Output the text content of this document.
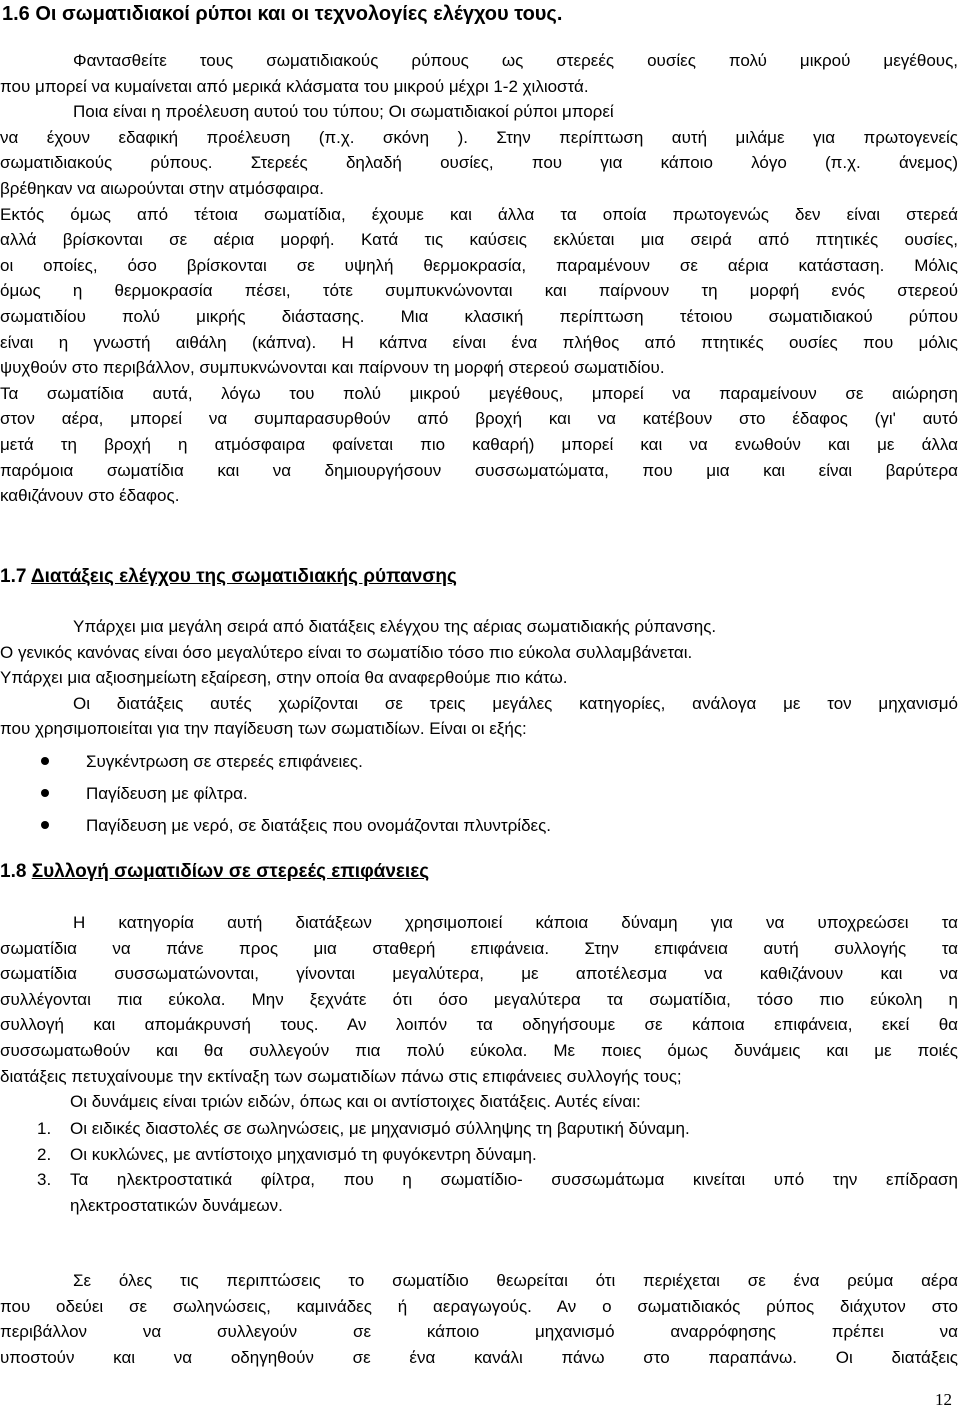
1.6 Οι σωματιδιακοί ρύποι και οι τεχνολογίες ελέγχου τους.
Φαντασθείτε τους σωματιδιακούς ρύπους ως στερεές ουσίες πολύ μικρού μεγέθους,
που μπορεί να κυμαίνεται από μερικά κλάσματα του μικρού μέχρι 1-2 χιλιοστά.
Ποια είναι η προέλευση αυτού του τύπου; Οι σωματιδιακοί ρύποι μπορεί
να έχουν εδαφική προέλευση (π.χ. σκόνη ). Στην περίπτωση αυτή μιλάμε για πρωτογενείς
σωματιδιακούς ρύπους. Στερεές δηλαδή ουσίες, που για κάποιο λόγο (π.χ. άνεμος)
βρέθηκαν να αιωρούνται στην ατμόσφαιρα.
Εκτός όμως από τέτοια σωματίδια, έχουμε και άλλα τα οποία πρωτογενώς δεν είναι στερεά
αλλά βρίσκονται σε αέρια μορφή. Κατά τις καύσεις εκλύεται μια σειρά από πτητικές ουσίες,
οι οποίες, όσο βρίσκονται σε υψηλή θερμοκρασία, παραμένουν σε αέρια κατάσταση. Μόλις
όμως η θερμοκρασία πέσει, τότε συμπυκνώνονται και παίρνουν τη μορφή ενός στερεού
σωματιδίου πολύ μικρής διάστασης. Μια κλασική περίπτωση τέτοιου σωματιδιακού ρύπου
είναι η γνωστή αιθάλη (κάπνα). Η κάπνα είναι ένα πλήθος από πτητικές ουσίες που μόλις
ψυχθούν στο περιβάλλον, συμπυκνώνονται και παίρνουν τη μορφή στερεού σωματιδίου.
Τα σωματίδια αυτά, λόγω του πολύ μικρού μεγέθους, μπορεί να παραμείνουν σε αιώρηση
στον αέρα, μπορεί να συμπαρασυρθούν από βροχή και να κατέβουν στο έδαφος (γι' αυτό
μετά τη βροχή η ατμόσφαιρα φαίνεται πιο καθαρή) μπορεί και να ενωθούν και με άλλα
παρόμοια σωματίδια και να δημιουργήσουν συσσωματώματα, που μια και είναι βαρύτερα
καθιζάνουν στο έδαφος.
1.7 Διατάξεις ελέγχου της σωματιδιακής ρύπανσης
Υπάρχει μια μεγάλη σειρά από διατάξεις ελέγχου της αέριας σωματιδιακής ρύπανσης.
Ο γενικός κανόνας είναι όσο μεγαλύτερο είναι το σωματίδιο τόσο πιο εύκολα συλλαμβάνεται.
Υπάρχει μια αξιοσημείωτη εξαίρεση, στην οποία θα αναφερθούμε πιο κάτω.
Οι διατάξεις αυτές χωρίζονται σε τρεις μεγάλες κατηγορίες, ανάλογα με τον μηχανισμό
που χρησιμοποιείται για την παγίδευση των σωματιδίων. Είναι οι εξής:
Συγκέντρωση σε στερεές επιφάνειες.
Παγίδευση με φίλτρα.
Παγίδευση με νερό, σε διατάξεις που ονομάζονται πλυντρίδες.
1.8 Συλλογή σωματιδίων σε στερεές επιφάνειες
Η κατηγορία αυτή διατάξεων χρησιμοποιεί κάποια δύναμη για να υποχρεώσει τα
σωματίδια να πάνε προς μια σταθερή επιφάνεια. Στην επιφάνεια αυτή συλλογής τα
σωματίδια συσσωματώνονται, γίνονται μεγαλύτερα, με αποτέλεσμα να καθιζάνουν και να
συλλέγονται πια εύκολα. Μην ξεχνάτε ότι όσο μεγαλύτερα τα σωματίδια, τόσο πιο εύκολη η
συλλογή και απομάκρυνσή τους. Αν λοιπόν τα οδηγήσουμε σε κάποια επιφάνεια, εκεί θα
συσσωματωθούν και θα συλλεγούν πια πολύ εύκολα. Με ποιες όμως δυνάμεις και με ποιές
διατάξεις πετυχαίνουμε την εκτίναξη των σωματιδίων πάνω στις επιφάνειες συλλογής τους;
Οι δυνάμεις είναι τριών ειδών, όπως και οι αντίστοιχες διατάξεις. Αυτές είναι:
1. Οι ειδικές διαστολές σε σωληνώσεις, με μηχανισμό σύλληψης τη βαρυτική δύναμη.
2. Οι κυκλώνες, με αντίστοιχο μηχανισμό τη φυγόκεντρη δύναμη.
3. Τα ηλεκτροστατικά φίλτρα, που η σωματίδιο- συσσωμάτωμα κινείται υπό την επίδραση
ηλεκτροστατικών δυνάμεων.
Σε όλες τις περιπτώσεις το σωματίδιο θεωρείται ότι περιέχεται σε ένα ρεύμα αέρα
που οδεύει σε σωληνώσεις, καμινάδες ή αεραγωγούς. Αν ο σωματιδιακός ρύπος διάχυτον στο
περιβάλλον να συλλεγούν σε κάποιο μηχανισμό αναρρόφησης πρέπει να
υποστούν και να οδηγηθούν σε ένα κανάλι πάνω στο παραπάνω. Οι διατάξεις
12
